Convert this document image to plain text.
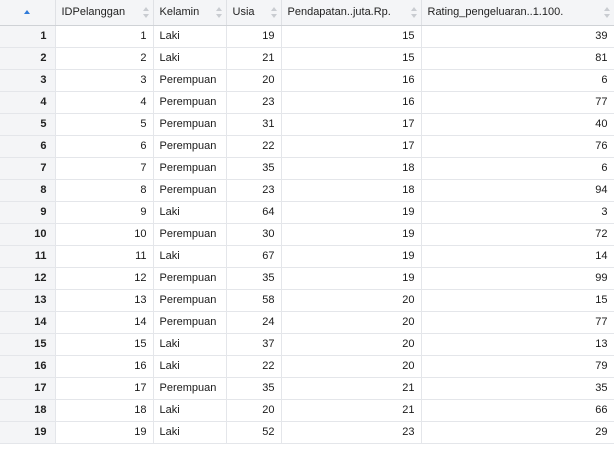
	IDPelanggan	Kelamin	Usia	Pendapatan..juta.Rp.	Rating_pengeluaran..1.100.

1	1	Laki	19	15	39
2	2	Laki	21	15	81
3	3	Perempuan	20	16	6
4	4	Perempuan	23	16	77
5	5	Perempuan	31	17	40
6	6	Perempuan	22	17	76
7	7	Perempuan	35	18	6
8	8	Perempuan	23	18	94
9	9	Laki	64	19	3
10	10	Perempuan	30	19	72
11	11	Laki	67	19	14
12	12	Perempuan	35	19	99
13	13	Perempuan	58	20	15
14	14	Perempuan	24	20	77
15	15	Laki	37	20	13
16	16	Laki	22	20	79
17	17	Perempuan	35	21	35
18	18	Laki	20	21	66
19	19	Laki	52	23	29
